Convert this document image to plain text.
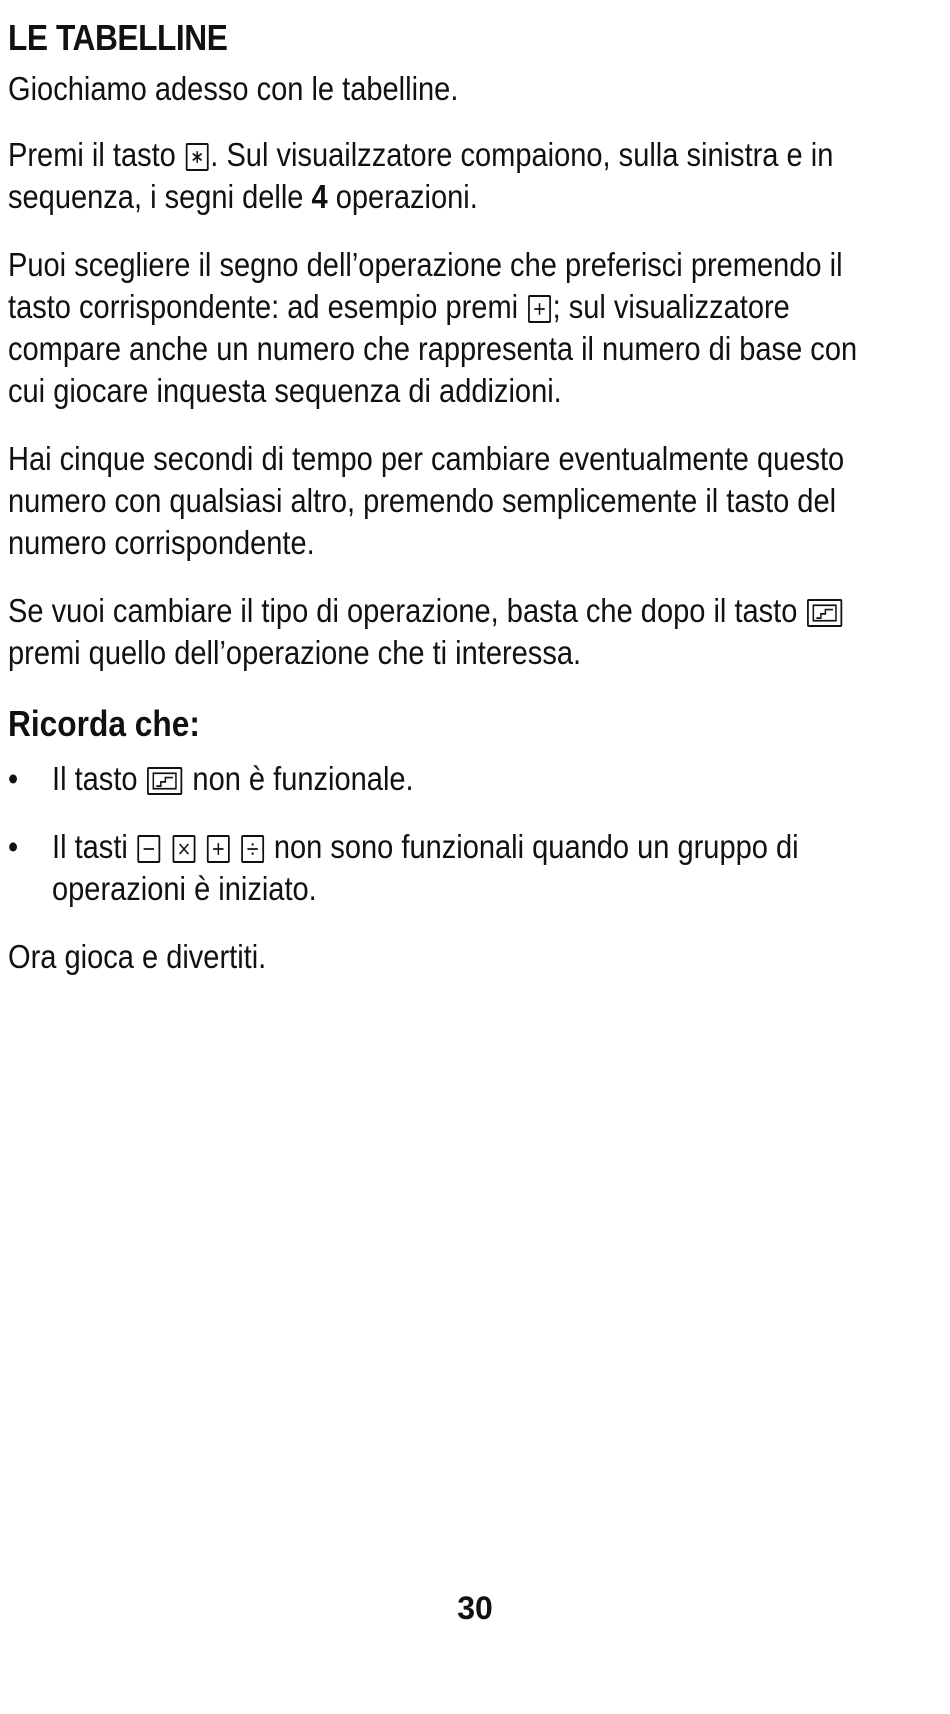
LE TABELLINE

Giochiamo adesso con le tabelline.

Premi il tasto . Sul visuailzzatore compaiono, sulla sinistra e in sequenza, i segni delle 4 operazioni.

Puoi scegliere il segno dell’operazione che preferisci premendo il tasto corrispondente: ad esempio premi ; sul visualizzatore compare anche un numero che rappresenta il numero di base con cui giocare inquesta sequenza di addizioni.

Hai cinque secondi di tempo per cambiare eventualmente questo numero con qualsiasi altro, premendo semplicemente il tasto del numero corrispondente.

Se vuoi cambiare il tipo di operazione, basta che dopo il tasto
premi quello dell’operazione che ti interessa.

Ricorda che:
• Il tasto non è funzionale.
• Il tasti

	non sono funzionali quando un gruppo di operazioni è iniziato.

Ora gioca e divertiti.

30
